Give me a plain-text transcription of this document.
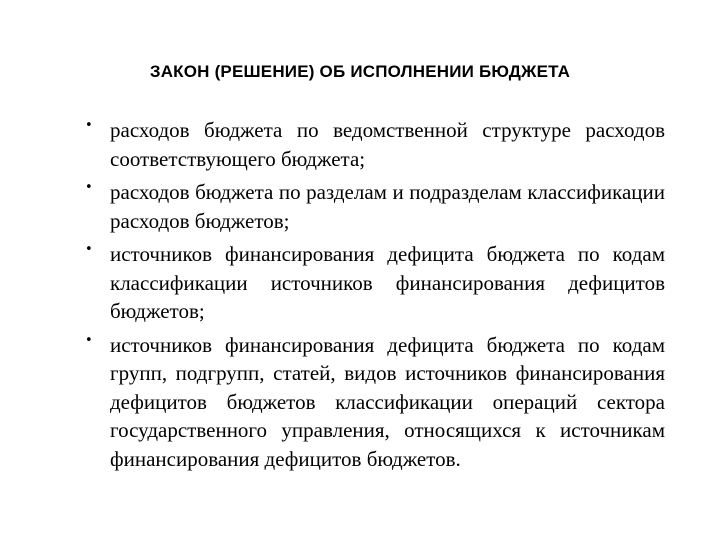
ЗАКОН (РЕШЕНИЕ) ОБ ИСПОЛНЕНИИ БЮДЖЕТА
• расходов бюджета по ведомственной структуре расходов соответствующего бюджета;
• расходов бюджета по разделам и подразделам классификации расходов бюджетов;
• источников финансирования дефицита бюджета по кодам классификации источников финансирования дефицитов бюджетов;
• источников финансирования дефицита бюджета по кодам групп, подгрупп, статей, видов источников финансирования дефицитов бюджетов классификации операций сектора государственного управления, относящихся к источникам финансирования дефицитов бюджетов.
